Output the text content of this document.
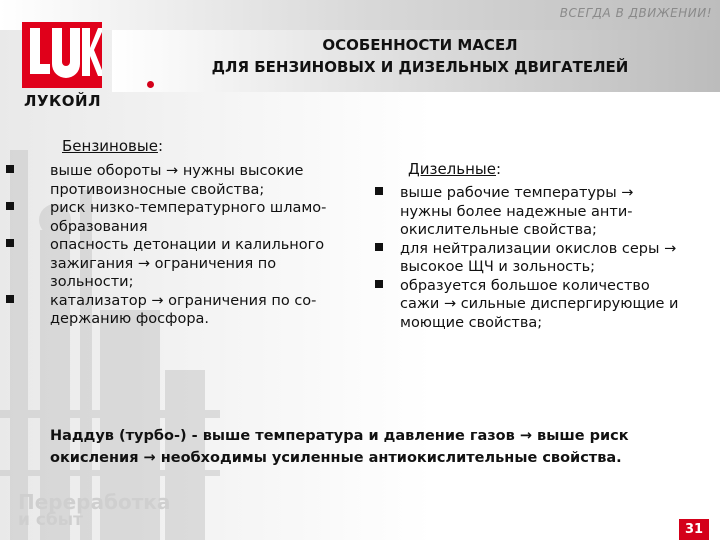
ВСЕГДА В ДВИЖЕНИИ!
ЛУКОЙЛ
ОСОБЕННОСТИ МАСЕЛ
ДЛЯ БЕНЗИНОВЫХ И ДИЗЕЛЬНЫХ ДВИГАТЕЛЕЙ
Бензиновые:
выше обороты → нужны высокие
противоизносные свойства;
риск низко-температурного шламо-
образования
опасность детонации и калильного
зажигания → ограничения по
зольности;
катализатор → ограничения по со-
держанию фосфора.
Дизельные:
выше рабочие температуры →
нужны более надежные анти-
окислительные свойства;
для нейтрализации окислов серы →
высокое ЩЧ и зольность;
образуется большое количество
сажи → сильные диспергирующие и
моющие свойства;
Наддув (турбо-) - выше температура и давление газов → выше риск
окисления → необходимы усиленные антиокислительные свойства.
Переработка
и сбыт	31
